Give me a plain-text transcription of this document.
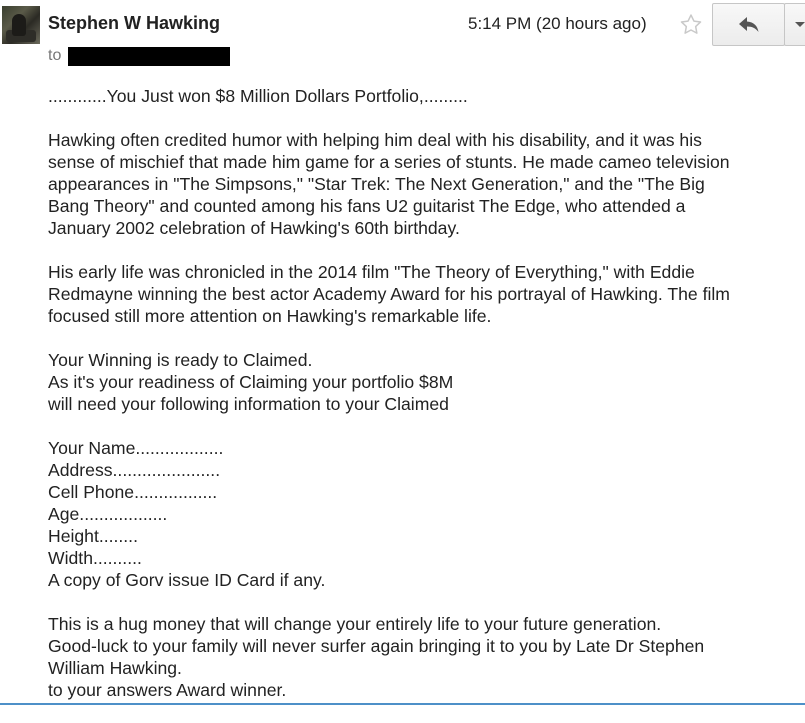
Stephen W Hawking
to
5:14 PM (20 hours ago)

............You Just won $8 Million Dollars Portfolio,.........

Hawking often credited humor with helping him deal with his disability, and it was his
sense of mischief that made him game for a series of stunts. He made cameo television
appearances in "The Simpsons," "Star Trek: The Next Generation," and the "The Big
Bang Theory" and counted among his fans U2 guitarist The Edge, who attended a
January 2002 celebration of Hawking's 60th birthday.

His early life was chronicled in the 2014 film "The Theory of Everything," with Eddie
Redmayne winning the best actor Academy Award for his portrayal of Hawking. The film
focused still more attention on Hawking's remarkable life.

Your Winning is ready to Claimed.
As it's your readiness of Claiming your portfolio $8M
will need your following information to your Claimed

Your Name..................
Address......................
Cell Phone.................
Age..................
Height........
Width..........
A copy of Gorv issue ID Card if any.

This is a hug money that will change your entirely life to your future generation.
Good-luck to your family will never surfer again bringing it to you by Late Dr Stephen
William Hawking.
to your answers Award winner.
